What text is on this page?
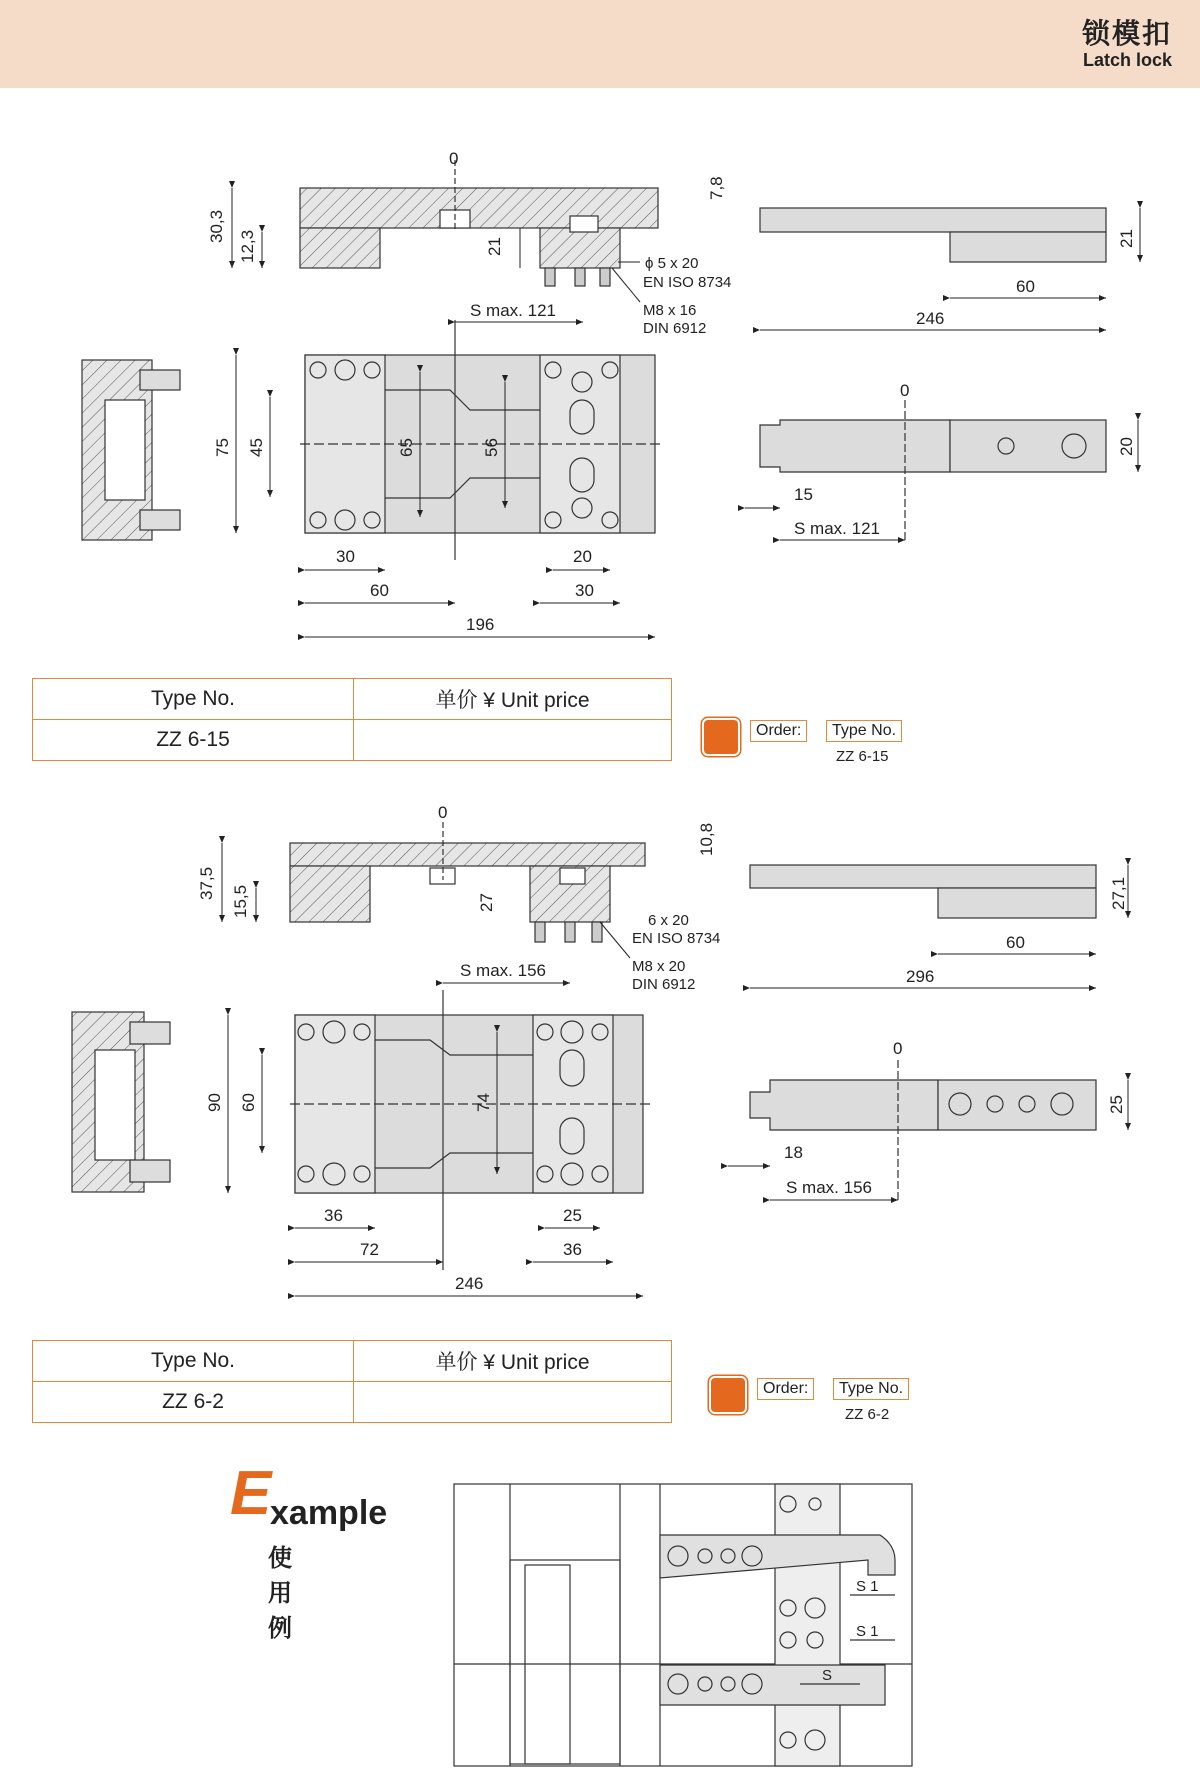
锁模扣
Latch lock
0
30,3
12,3	21
ϕ 5 x 20
EN ISO 8734
M8 x 16
DIN 6912
S max. 121
7,8
21
60
246
75 45	65	56
30
60
196
20
30
0
20
15
S max. 121
Type No.	单价 ¥ Unit price
ZZ 6-15		Order:	Type No.
ZZ 6-15
0
37,5
15,5	27
6 x 20
EN ISO 8734
M8 x 20
DIN 6912
S max. 156
10,8
27,1
60
296
90 60	74
36
72
246
25
36
0
25
18
S max. 156
Type No.	单价 ¥ Unit price
ZZ 6-2	
Order:	Type No.
ZZ 6-2
E
xample
使用例
S 1
S 1
S
